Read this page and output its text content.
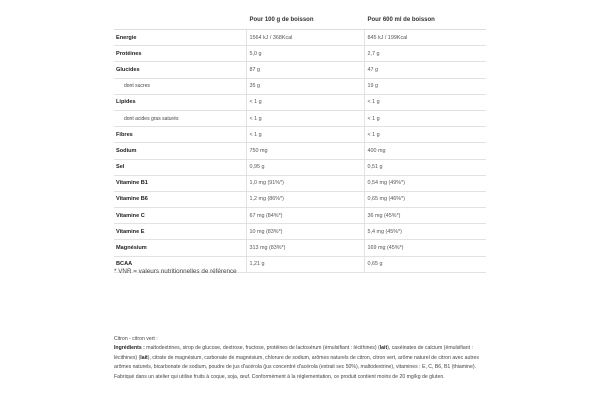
	Pour 100 g de boisson	Pour 600 ml de boisson
Energie	1564 kJ / 368Kcal	845 kJ / 199Kcal
Protéines	5,0 g	2,7 g
Glucides	87 g	47 g
dont sucres	35 g	19 g
Lipides	< 1 g	< 1 g
dont acides gras saturés	< 1 g	< 1 g
Fibres	< 1 g	< 1 g
Sodium	750 mg	400 mg
Sel	0,95 g	0,51 g
Vitamine B1	1,0 mg (91%*)	0,54 mg (49%*)
Vitamine B6	1,2 mg (86%*)	0,65 mg (46%*)
Vitamine C	67 mg (84%*)	36 mg (45%*)
Vitamine E	10 mg (83%*)	5,4 mg (45%*)
Magnésium	313 mg (83%*)	169 mg (45%*)
BCAA	1,21 g	0,65 g
* VNR = valeurs nutritionnelles de référence

Citron - citron vert :

Ingrédients : maltodextrines, sirop de glucose, dextrose, fructose, protéines de lactosérum (émulsifiant : lécithines) (lait), caséinates de calcium (émulsifiant : lécithines) (lait), citrate de magnésium, carbonate de magnésium, chlorure de sodium, arômes naturels de citron, citron vert, arôme naturel de citron avec autres arômes naturels, bicarbonate de sodium, poudre de jus d'acérola (jus concentré d'acérola (extrait sec 50%), maltodextrine), vitamines : E, C, B6, B1 (thiamine). Fabriqué dans un atelier qui utilise fruits à coque, soja, œuf. Conformément à la réglementation, ce produit contient moins de 20 mg/kg de gluten.
